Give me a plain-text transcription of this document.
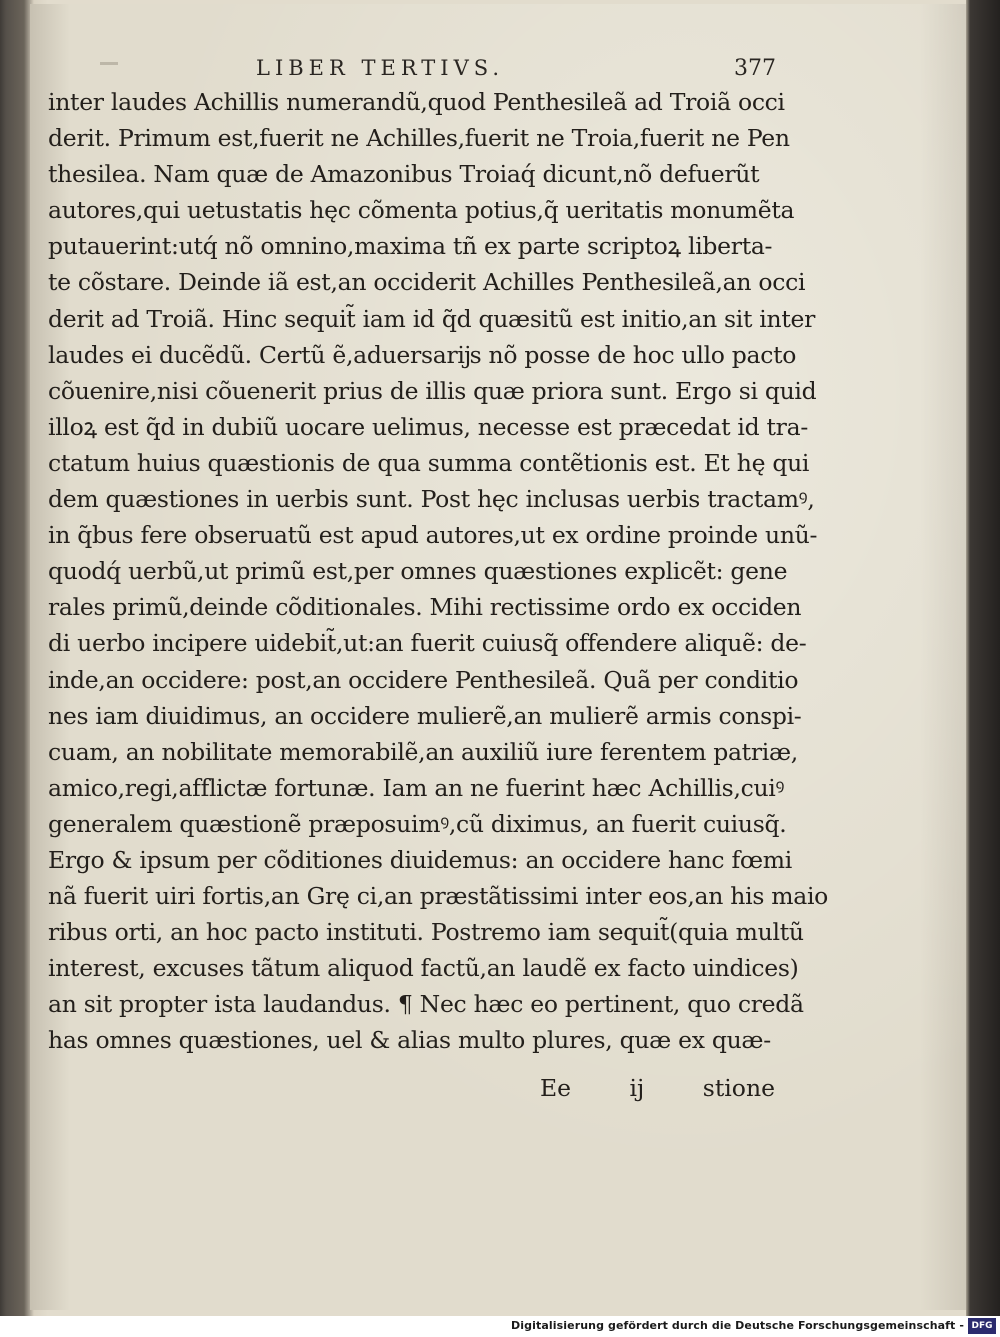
LIBER TERTIVS.	377
inter laudes Achillis numerandũ,quod Penthesileã ad Troiã occi
derit. Primum est,fuerit ne Achilles,fuerit ne Troia,fuerit ne Pen
thesilea. Nam quæ de Amazonibus Troiaq́ dicunt,nõ defuerũt
autores,qui uetustatis hęc cõmenta potius,q̃ ueritatis monumẽta
putauerint:utq́ nõ omnino,maxima tñ ex parte scriptoꝝ liberta-
te cõstare. Deinde iã est,an occiderit Achilles Penthesileã,an occi
derit ad Troiã. Hinc sequit̃ iam id q̃d quæsitũ est initio,an sit inter
laudes ei ducẽdũ. Certũ ẽ,aduersarĳs nõ posse de hoc ullo pacto
cõuenire,nisi cõuenerit prius de illis quæ priora sunt. Ergo si quid
illoꝝ est q̃d in dubiũ uocare uelimus, necesse est præcedat id tra-
ctatum huius quæstionis de qua summa contẽtionis est. Et hę qui
dem quæstiones in uerbis sunt. Post hęc inclusas uerbis tractamꝰ,
in q̃bus fere obseruatũ est apud autores,ut ex ordine proinde unũ-
quodq́ uerbũ,ut primũ est,per omnes quæstiones explicẽt: gene
rales primũ,deinde cõditionales. Mihi rectissime ordo ex occiden
di uerbo incipere uidebit̃,ut:an fuerit cuiusq̃ offendere aliquẽ: de-
inde,an occidere: post,an occidere Penthesileã. Quã per conditio
nes iam diuidimus, an occidere mulierẽ,an mulierẽ armis conspi-
cuam, an nobilitate memorabilẽ,an auxiliũ iure ferentem patriæ,
amico,regi,afflictæ fortunæ. Iam an ne fuerint hæc Achillis,cuiꝰ
generalem quæstionẽ præposuimꝰ,cũ diximus, an fuerit cuiusq̃.
Ergo & ipsum per cõditiones diuidemus: an occidere hanc fœmi
nã fuerit uiri fortis,an Grę ci,an præstãtissimi inter eos,an his maio
ribus orti, an hoc pacto instituti. Postremo iam sequit̃(quia multũ
interest, excuses tãtum aliquod factũ,an laudẽ ex facto uindices)
an sit propter ista laudandus. ¶ Nec hæc eo pertinent, quo credã
has omnes quæstiones, uel & alias multo plures, quæ ex quæ-
Ee ij stione
Digitalisierung gefördert durch die Deutsche Forschungsgemeinschaft - DFG
